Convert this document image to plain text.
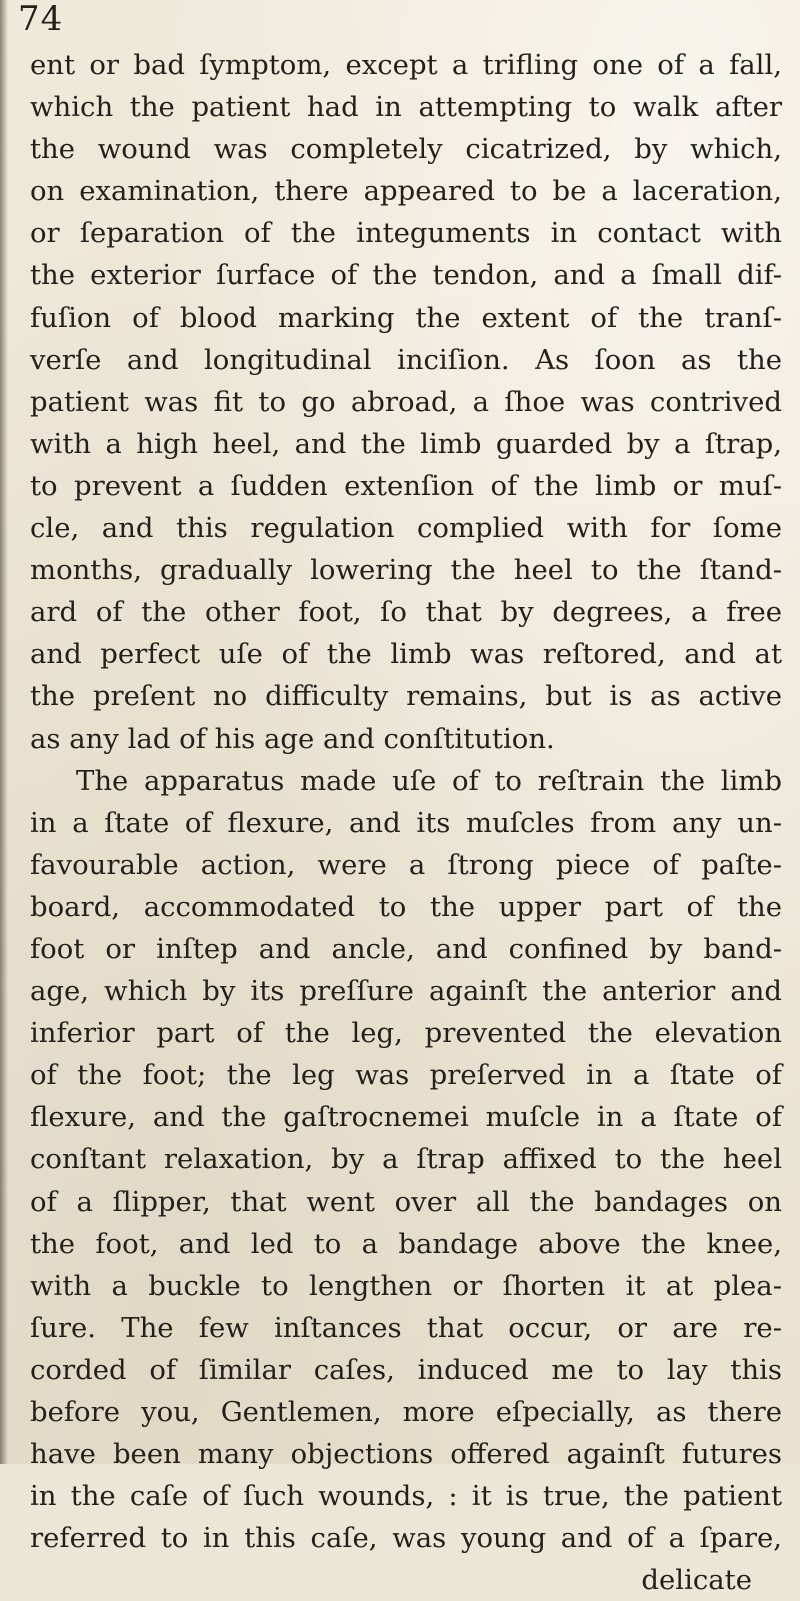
74
ent or bad ſymptom, except a trifling one of a fall,
which the patient had in attempting to walk after
the wound was completely cicatrized, by which,
on examination, there appeared to be a laceration,
or ſeparation of the integuments in contact with
the exterior ſurface of the tendon, and a ſmall dif-
fuſion of blood marking the extent of the tranſ-
verſe and longitudinal inciſion. As ſoon as the
patient was fit to go abroad, a ſhoe was contrived
with a high heel, and the limb guarded by a ſtrap,
to prevent a ſudden extenſion of the limb or muſ-
cle, and this regulation complied with for ſome
months, gradually lowering the heel to the ſtand-
ard of the other foot, ſo that by degrees, a free
and perfect uſe of the limb was reſtored, and at
the preſent no difficulty remains, but is as active
as any lad of his age and conſtitution.
The apparatus made uſe of to reſtrain the limb
in a ſtate of flexure, and its muſcles from any un-
favourable action, were a ſtrong piece of paſte-
board, accommodated to the upper part of the
foot or inſtep and ancle, and confined by band-
age, which by its preſſure againſt the anterior and
inferior part of the leg, prevented the elevation
of the foot; the leg was preſerved in a ſtate of
flexure, and the gaſtrocnemei muſcle in a ſtate of
conſtant relaxation, by a ſtrap affixed to the heel
of a ſlipper, that went over all the bandages on
the foot, and led to a bandage above the knee,
with a buckle to lengthen or ſhorten it at plea-
ſure. The few inſtances that occur, or are re-
corded of ſimilar caſes, induced me to lay this
before you, Gentlemen, more eſpecially, as there
have been many objections offered againſt futures
in the caſe of ſuch wounds, : it is true, the patient
referred to in this caſe, was young and of a ſpare,
delicate
